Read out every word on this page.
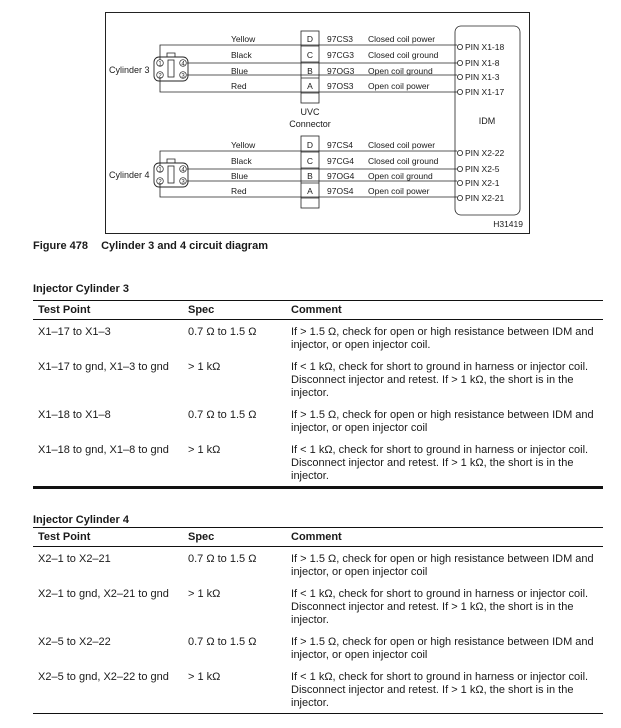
UVC
Connector	IDM
H31419
1
2	3
4
Cylinder 3
1
2	3
4
Cylinder 4
Yellow
Black
Blue
Red
D
C
B
A
97CS3
97CG3
97OG3
97OS3
Closed coil power
Closed coil ground
Open coil ground
Open coil power
PIN X1-18
PIN X1-8
PIN X1-3
PIN X1-17
Yellow
Black
Blue
Red
D
C
B
A
97CS4
97CG4
97OG4
97OS4
Closed coil power
Closed coil ground
Open coil ground
Open coil power
PIN X2-22
PIN X2-5
PIN X2-1
PIN X2-21
Figure 478 Cylinder 3 and 4 circuit diagram
Injector Cylinder 3
Test Point	Spec	Comment
X1–17 to X1–3	0.7 Ω to 1.5 Ω	If > 1.5 Ω, check for open or high resistance between IDM and injector, or open injector coil.
X1–17 to gnd, X1–3 to gnd	> 1 kΩ	If < 1 kΩ, check for short to ground in harness or injector coil. Disconnect injector and retest. If > 1 kΩ, the short is in the injector.
X1–18 to X1–8	0.7 Ω to 1.5 Ω	If > 1.5 Ω, check for open or high resistance between IDM and injector, or open injector coil
X1–18 to gnd, X1–8 to gnd	> 1 kΩ	If < 1 kΩ, check for short to ground in harness or injector coil. Disconnect injector and retest. If > 1 kΩ, the short is in the injector.
Injector Cylinder 4
Test Point	Spec	Comment
X2–1 to X2–21	0.7 Ω to 1.5 Ω	If > 1.5 Ω, check for open or high resistance between IDM and injector, or open injector coil
X2–1 to gnd, X2–21 to gnd	> 1 kΩ	If < 1 kΩ, check for short to ground in harness or injector coil. Disconnect injector and retest. If > 1 kΩ, the short is in the injector.
X2–5 to X2–22	0.7 Ω to 1.5 Ω	If > 1.5 Ω, check for open or high resistance between IDM and injector, or open injector coil
X2–5 to gnd, X2–22 to gnd	> 1 kΩ	If < 1 kΩ, check for short to ground in harness or injector coil. Disconnect injector and retest. If > 1 kΩ, the short is in the injector.
